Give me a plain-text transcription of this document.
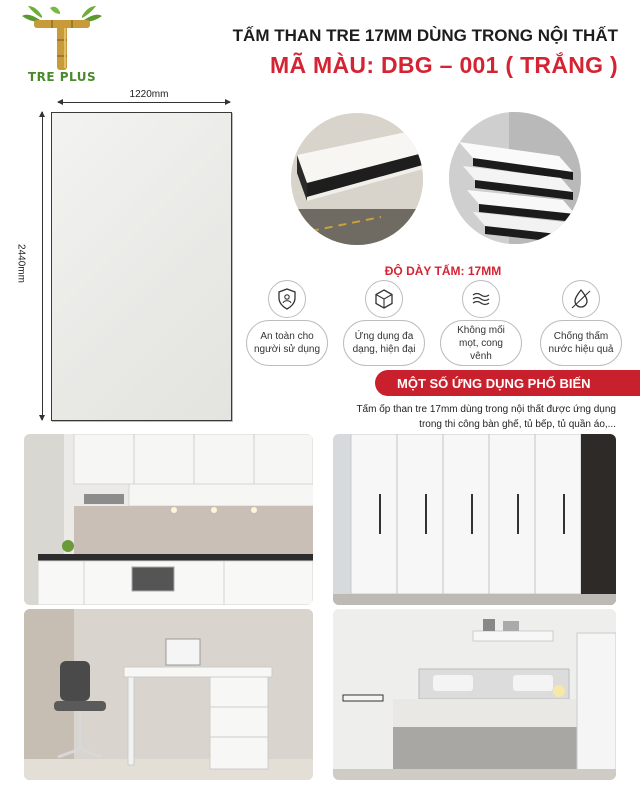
TRE PLUS
TẤM THAN TRE 17MM DÙNG TRONG NỘI THẤT
MÃ MÀU: DBG – 001 ( TRẮNG )
1220mm
2440mm	ĐỘ DÀY TẤM: 17MM
An toàn cho người sử dụng
Ứng dụng đa dạng, hiện đại
Không mối mọt, cong vênh
Chống thấm nước hiệu quả
MỘT SỐ ỨNG DỤNG PHỔ BIẾN
Tấm ốp than tre 17mm dùng trong nội thất được ứng dụng
trong thi công bàn ghế, tủ bếp, tủ quần áo,...
